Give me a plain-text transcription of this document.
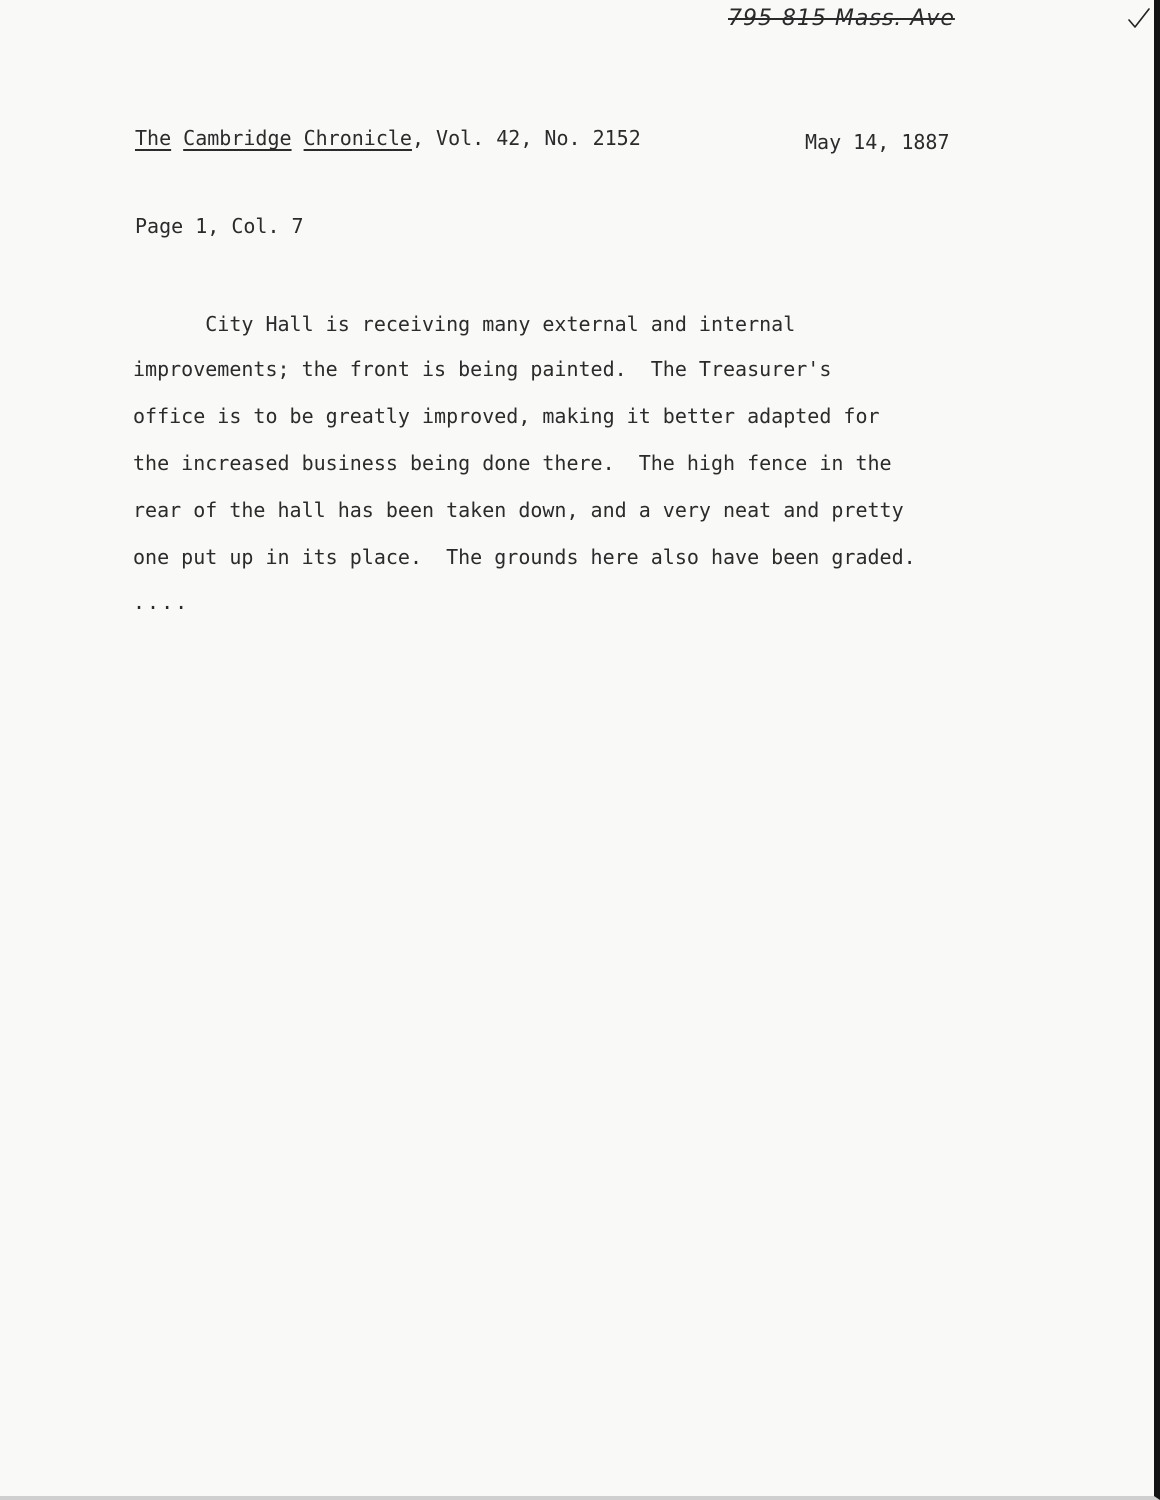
795-815 Mass. Ave
The Cambridge Chronicle, Vol. 42, No. 2152	May 14, 1887
Page 1, Col. 7
City Hall is receiving many external and internal
improvements; the front is being painted.  The Treasurer's
office is to be greatly improved, making it better adapted for
the increased business being done there.  The high fence in the
rear of the hall has been taken down, and a very neat and pretty
one put up in its place.  The grounds here also have been graded.
....
